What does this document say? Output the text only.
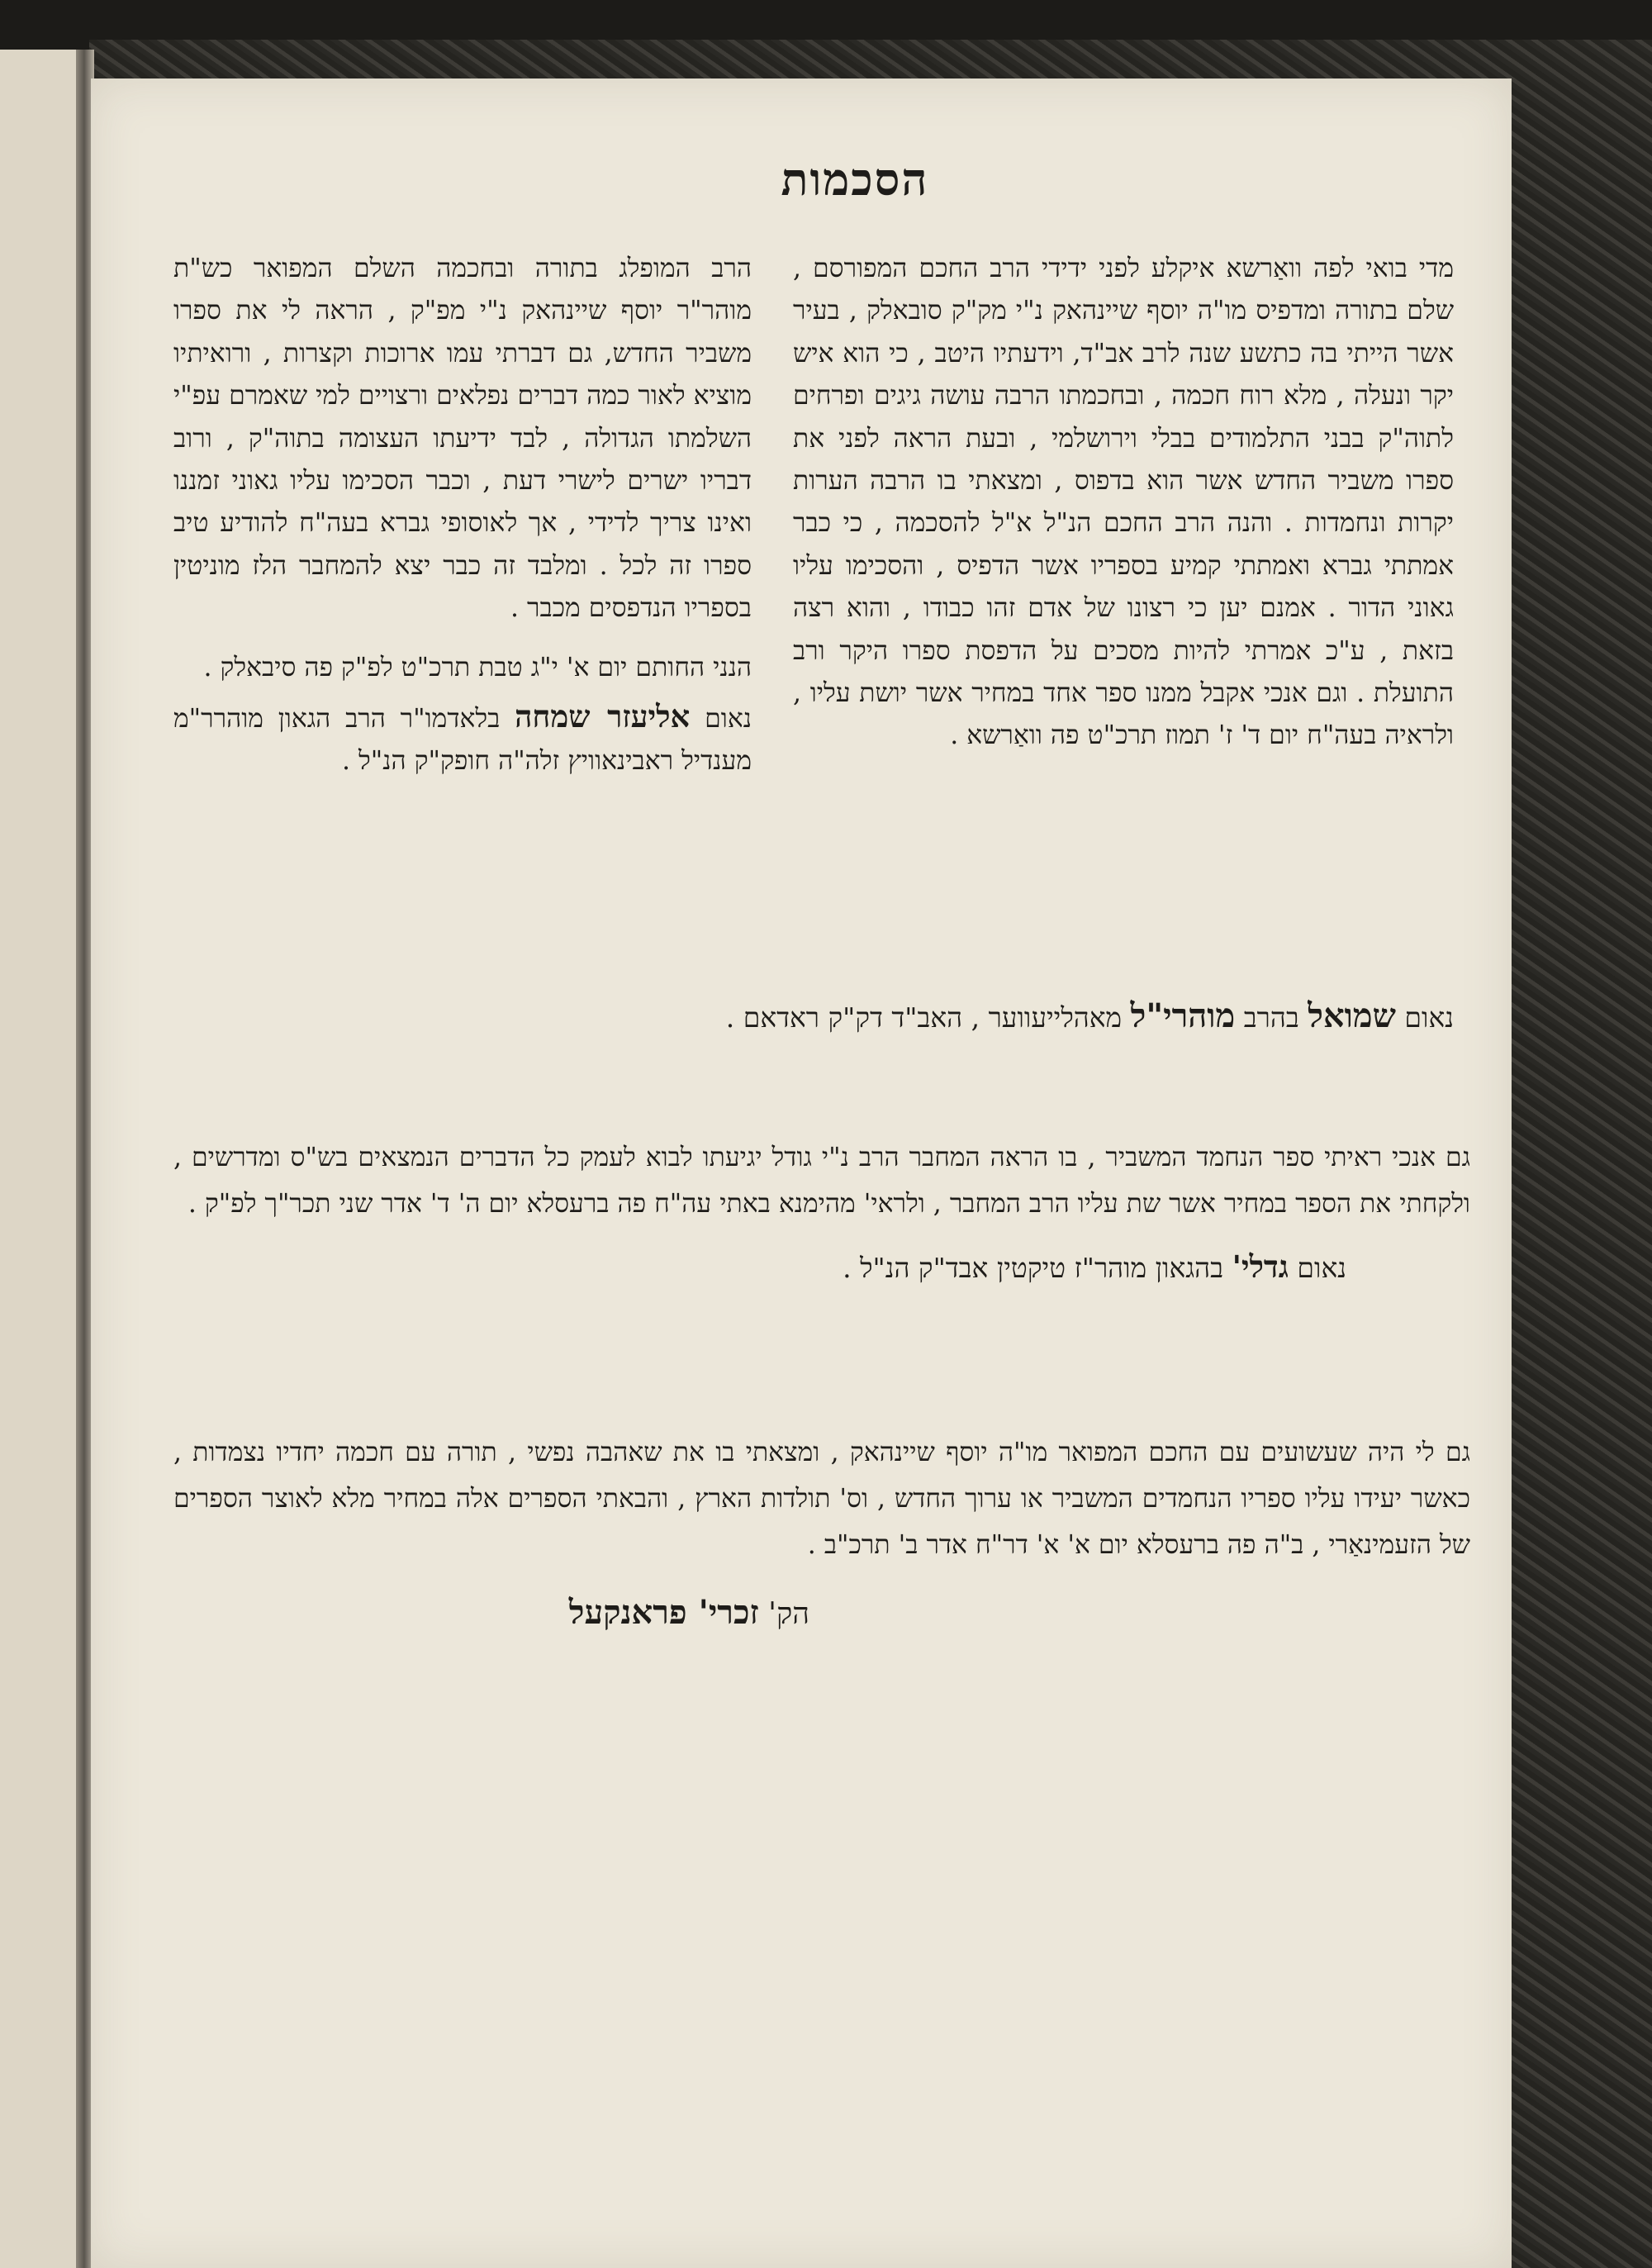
הסכמות

מדי בואי לפה וואַרשא איקלע לפני ידידי הרב החכם המפורסם , שלם בתורה ומדפיס מו"ה יוסף שיינהאק נ"י מק"ק סובאלק , בעיר אשר הייתי בה כתשע שנה לרב אב"ד, וידעתיו היטב , כי הוא איש יקר ונעלה , מלא רוח חכמה , ובחכמתו הרבה עושה גיגים ופרחים לתוה"ק בבני התלמודים בבלי וירושלמי , ובעת הראה לפני את ספרו משביר החדש אשר הוא בדפוס , ומצאתי בו הרבה הערות יקרות ונחמדות . והנה הרב החכם הנ"ל א"ל להסכמה , כי כבר אמתתי גברא ואמתתי קמיע בספריו אשר הדפיס , והסכימו עליו גאוני הדור . אמנם יען כי רצונו של אדם זהו כבודו , והוא רצה בזאת , ע"כ אמרתי להיות מסכים על הדפסת ספרו היקר ורב התועלת . וגם אנכי אקבל ממנו ספר אחד במחיר אשר יושת עליו , ולראיה בעה"ח יום ד' ז' תמוז תרכ"ט פה וואַרשא .

הרב המופלג בתורה ובחכמה השלם המפואר כש"ת מוהר"ר יוסף שיינהאק נ"י מפ"ק , הראה לי את ספרו משביר החדש, גם דברתי עמו ארוכות וקצרות , ורואיתיו מוציא לאור כמה דברים נפלאים ורצויים למי שאמרם עפ"י השלמתו הגדולה , לבד ידיעתו העצומה בתוה"ק , ורוב דבריו ישרים לישרי דעת , וכבר הסכימו עליו גאוני זמננו ואינו צריך לדידי , אך לאוסופי גברא בעה"ח להודיע טיב ספרו זה לכל . ומלבד זה כבר יצא להמחבר הלז מוניטין בספריו הנדפסים מכבר .

הנני החותם יום א' י"ג טבת תרכ"ט לפ"ק פה סיבאלק .

נאום אליעזר שמחה בלאדמו"ר הרב הגאון מוהרר"מ מענדיל ראבינאוויץ זלה"ה חופק"ק הנ"ל .

נאום שמואל בהרב מוהרי"ל מאהלייעווער , האב"ד דק"ק ראדאם .

גם אנכי ראיתי ספר הנחמד המשביר , בו הראה המחבר הרב נ"י גודל יגיעתו לבוא לעמק כל הדברים הנמצאים בש"ס ומדרשים , ולקחתי את הספר במחיר אשר שת עליו הרב המחבר , ולראי' מהימנא באתי עה"ח פה ברעסלא יום ה' ד' אדר שני תכר"ך לפ"ק .

נאום גדלי' בהגאון מוהר"ז טיקטין אבד"ק הנ"ל .

גם לי היה שעשועים עם החכם המפואר מו"ה יוסף שיינהאק , ומצאתי בו את שאהבה נפשי , תורה עם חכמה יחדיו נצמדות , כאשר יעידו עליו ספריו הנחמדים המשביר או ערוך החדש , וס' תולדות הארץ , והבאתי הספרים אלה במחיר מלא לאוצר הספרים של הזעמינאַרי , ב"ה פה ברעסלא יום א' א' דר"ח אדר ב' תרכ"ב .

הק' זכרי' פראנקעל
